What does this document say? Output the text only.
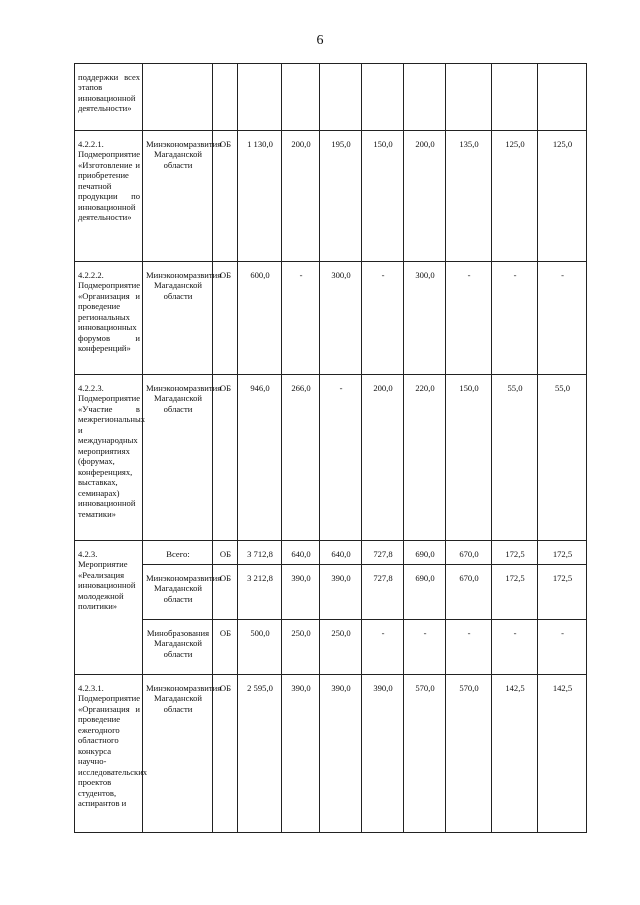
6
поддержки всех этапов инновационной деятельности»										
4.2.2.1. Подмероприятие «Изготовление и приобретение печатной продукции по инновационной деятельности»	Минэкономразвития Магаданской области	ОБ	1 130,0	200,0	195,0	150,0	200,0	135,0	125,0	125,0
4.2.2.2. Подмероприятие «Организация и проведение региональных инновационных форумов и конференций»	Минэкономразвития Магаданской области	ОБ	600,0	-	300,0	-	300,0	-	-	-
4.2.2.3. Подмероприятие «Участие в межрегиональных и международных мероприятиях (форумах, конференциях, выставках, семинарах) инновационной тематики»	Минэкономразвития Магаданской области	ОБ	946,0	266,0	-	200,0	220,0	150,0	55,0	55,0
4.2.3. Мероприятие «Реализация инновационной молодежной политики»	Всего:	ОБ	3 712,8	640,0	640,0	727,8	690,0	670,0	172,5	172,5
	Минэкономразвития Магаданской области	ОБ	3 212,8	390,0	390,0	727,8	690,0	670,0	172,5	172,5
	Минобразования Магаданской области	ОБ	500,0	250,0	250,0	-	-	-	-	-
4.2.3.1. Подмероприятие «Организация и проведение ежегодного областного конкурса научно-исследовательских проектов студентов, аспирантов и	Минэкономразвития Магаданской области	ОБ	2 595,0	390,0	390,0	390,0	570,0	570,0	142,5	142,5
